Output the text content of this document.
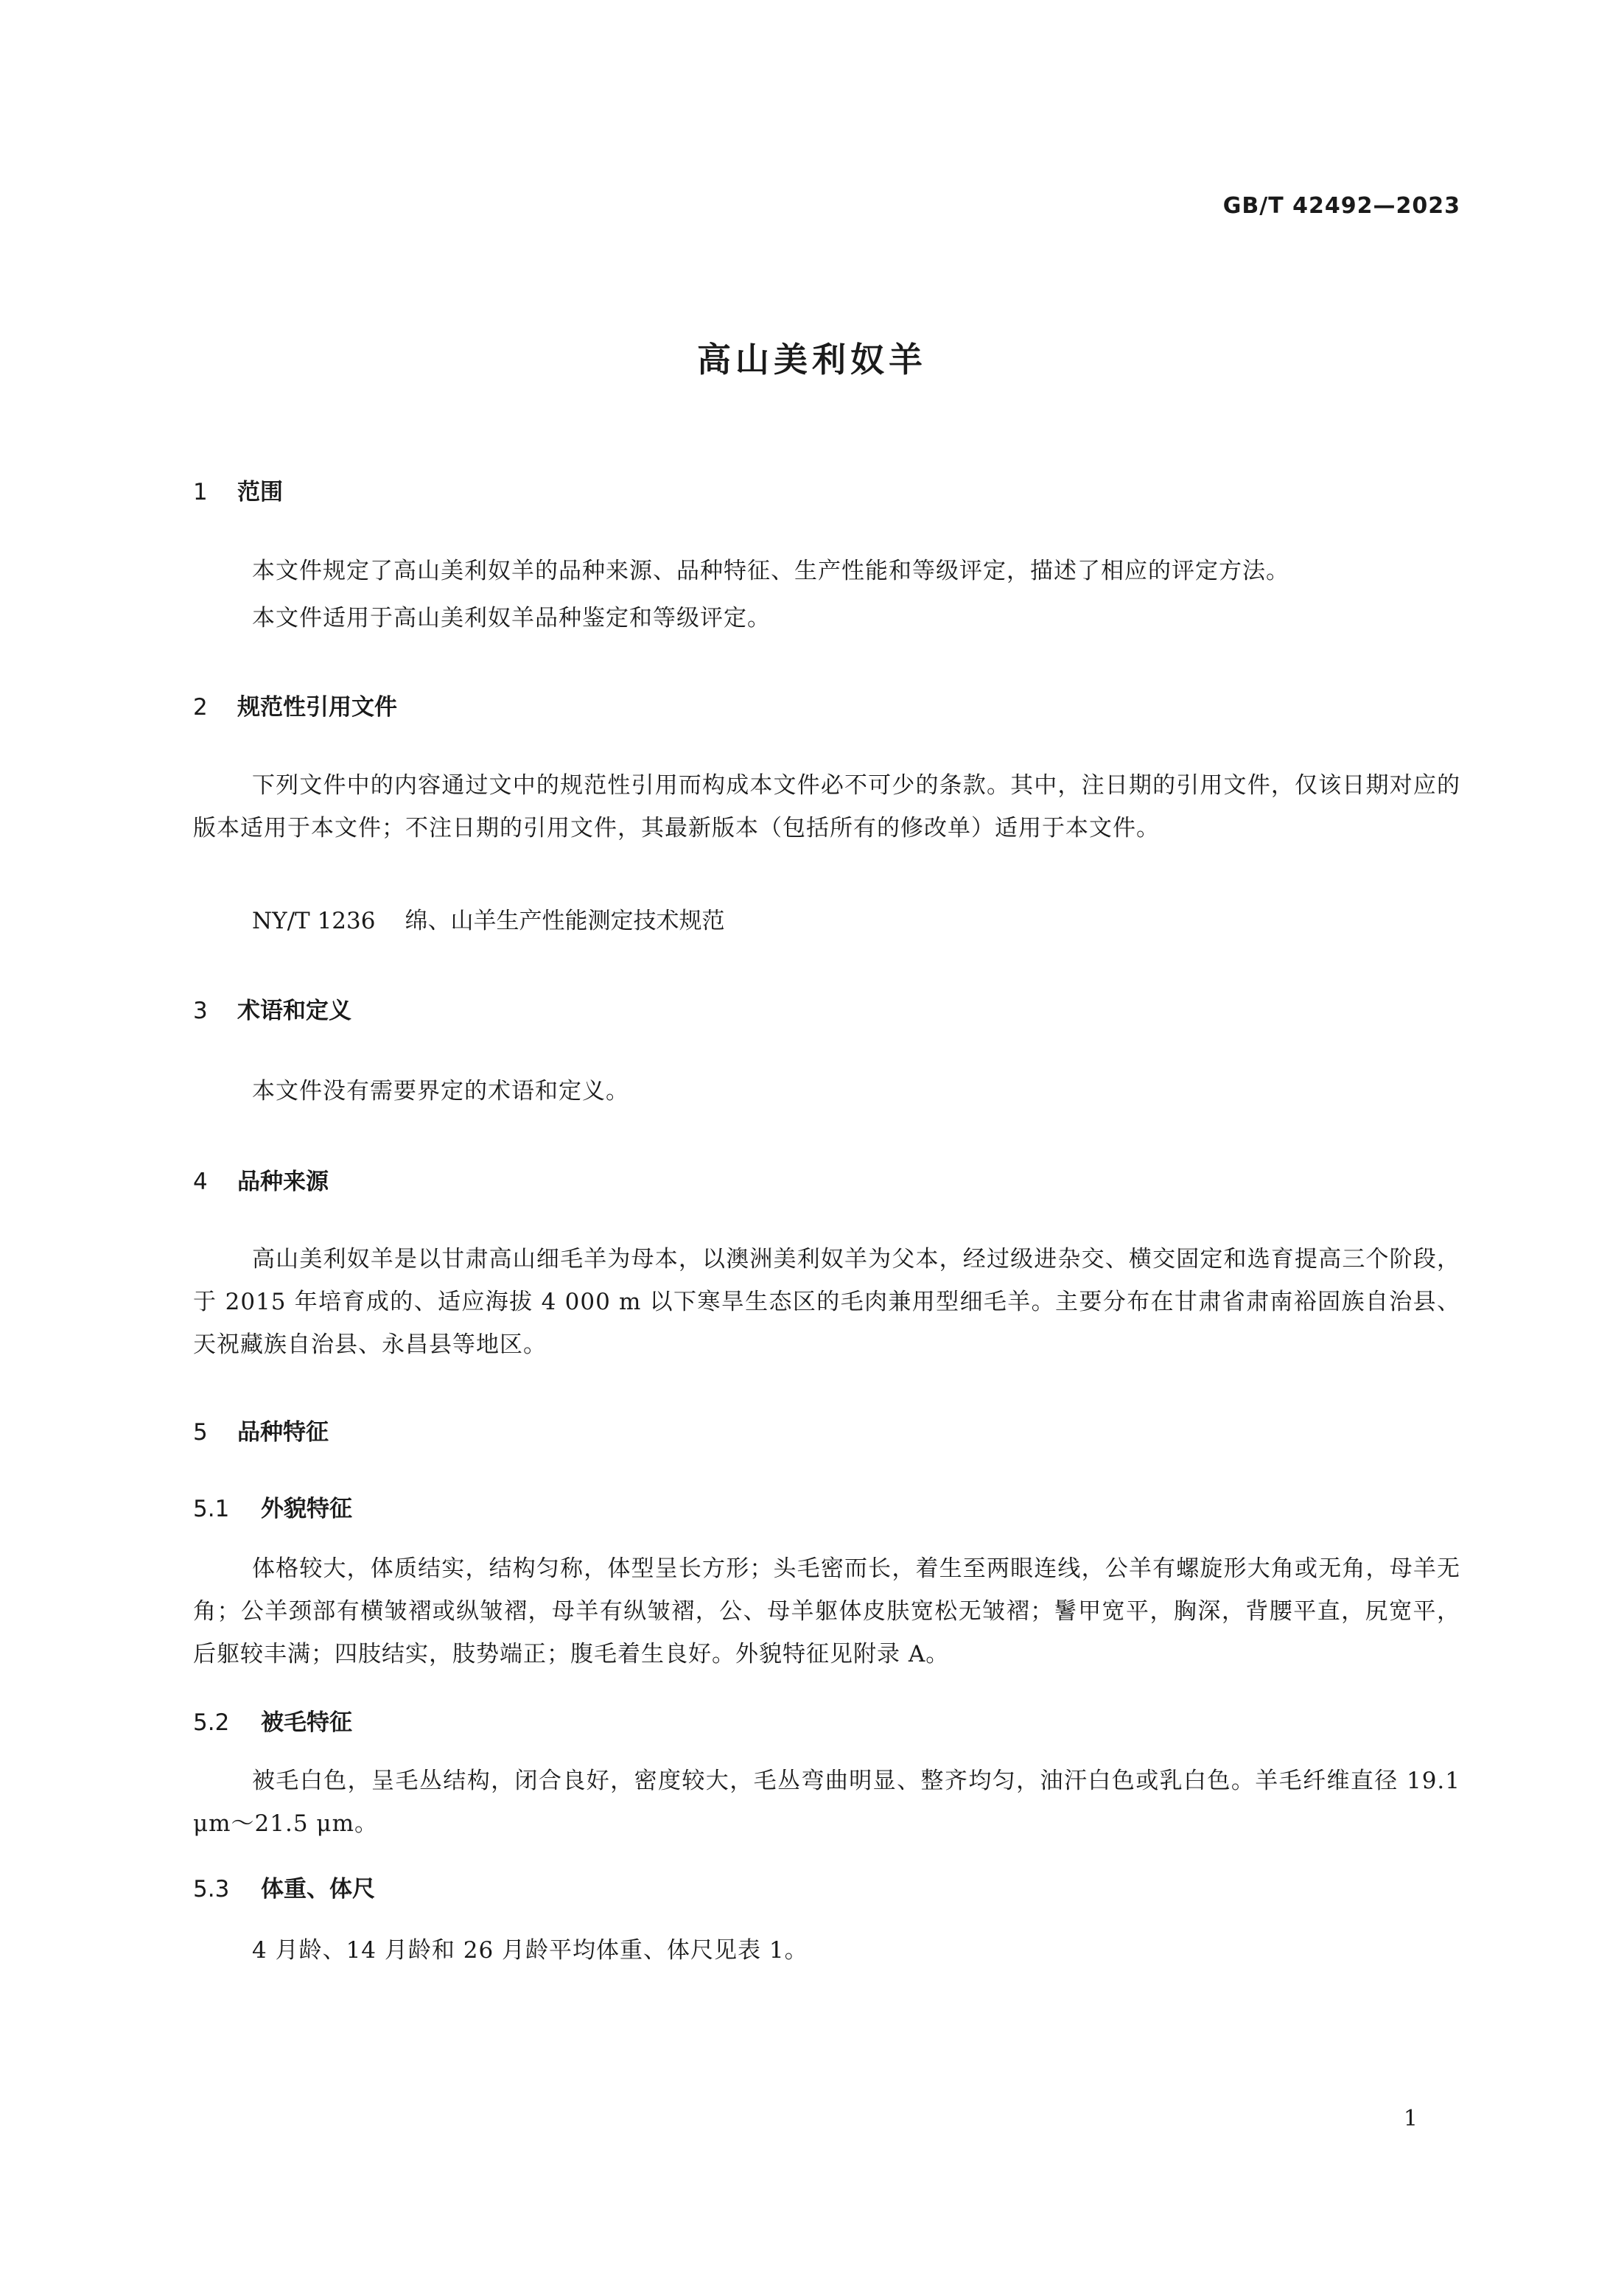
GB/T 42492—2023
高山美利奴羊
1 范围
本文件规定了高山美利奴羊的品种来源、品种特征、生产性能和等级评定，描述了相应的评定方法。
本文件适用于高山美利奴羊品种鉴定和等级评定。
2 规范性引用文件
下列文件中的内容通过文中的规范性引用而构成本文件必不可少的条款。其中，注日期的引用文件，仅该日期对应的版本适用于本文件；不注日期的引用文件，其最新版本（包括所有的修改单）适用于本文件。
NY/T 1236 绵、山羊生产性能测定技术规范
3 术语和定义
本文件没有需要界定的术语和定义。
4 品种来源
高山美利奴羊是以甘肃高山细毛羊为母本，以澳洲美利奴羊为父本，经过级进杂交、横交固定和选育提高三个阶段，于 2015 年培育成的、适应海拔 4 000 m 以下寒旱生态区的毛肉兼用型细毛羊。主要分布在甘肃省肃南裕固族自治县、天祝藏族自治县、永昌县等地区。
5 品种特征
5.1 外貌特征
体格较大，体质结实，结构匀称，体型呈长方形；头毛密而长，着生至两眼连线，公羊有螺旋形大角或无角，母羊无角；公羊颈部有横皱褶或纵皱褶，母羊有纵皱褶，公、母羊躯体皮肤宽松无皱褶；鬐甲宽平，胸深，背腰平直，尻宽平，后躯较丰满；四肢结实，肢势端正；腹毛着生良好。外貌特征见附录 A。
5.2 被毛特征
被毛白色，呈毛丛结构，闭合良好，密度较大，毛丛弯曲明显、整齐均匀，油汗白色或乳白色。羊毛纤维直径 19.1 μm～21.5 μm。
5.3 体重、体尺
4 月龄、14 月龄和 26 月龄平均体重、体尺见表 1。
1
